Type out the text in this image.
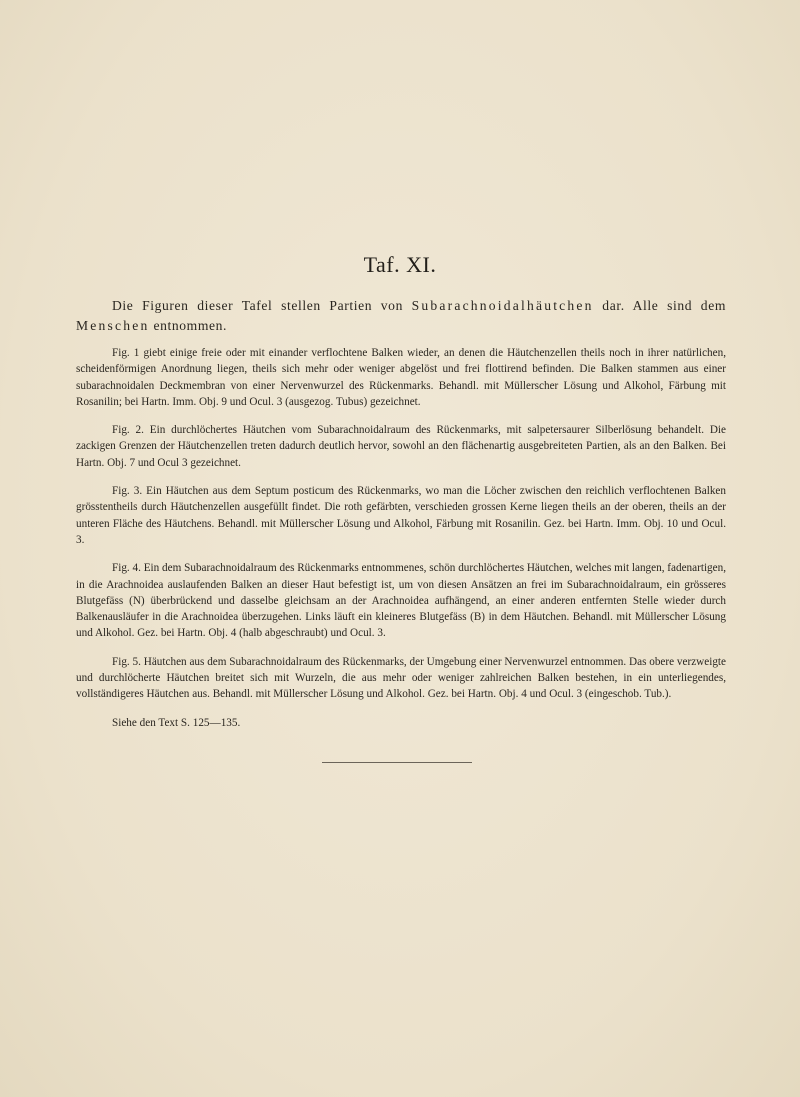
Taf. XI.

Die Figuren dieser Tafel stellen Partien von Subarachnoidalhäutchen dar. Alle sind dem Menschen entnommen.

Fig. 1 giebt einige freie oder mit einander verflochtene Balken wieder, an denen die Häutchenzellen theils noch in ihrer natürlichen, scheidenförmigen Anordnung liegen, theils sich mehr oder weniger abgelöst und frei flottirend befinden. Die Balken stammen aus einer subarachnoidalen Deckmembran von einer Nervenwurzel des Rückenmarks. Behandl. mit Müllerscher Lösung und Alkohol, Färbung mit Rosanilin; bei Hartn. Imm. Obj. 9 und Ocul. 3 (ausgezog. Tubus) gezeichnet.

Fig. 2. Ein durchlöchertes Häutchen vom Subarachnoidalraum des Rückenmarks, mit salpetersaurer Silberlösung behandelt. Die zackigen Grenzen der Häutchenzellen treten dadurch deutlich hervor, sowohl an den flächenartig ausgebreiteten Partien, als an den Balken. Bei Hartn. Obj. 7 und Ocul 3 gezeichnet.

Fig. 3. Ein Häutchen aus dem Septum posticum des Rückenmarks, wo man die Löcher zwischen den reichlich verflochtenen Balken grösstentheils durch Häutchenzellen ausgefüllt findet. Die roth gefärbten, verschieden grossen Kerne liegen theils an der oberen, theils an der unteren Fläche des Häutchens. Behandl. mit Müllerscher Lösung und Alkohol, Färbung mit Rosanilin. Gez. bei Hartn. Imm. Obj. 10 und Ocul. 3.

Fig. 4. Ein dem Subarachnoidalraum des Rückenmarks entnommenes, schön durchlöchertes Häutchen, welches mit langen, fadenartigen, in die Arachnoidea auslaufenden Balken an dieser Haut befestigt ist, um von diesen Ansätzen an frei im Subarachnoidalraum, ein grösseres Blutgefäss (N) überbrückend und dasselbe gleichsam an der Arachnoidea aufhängend, an einer anderen entfernten Stelle wieder durch Balkenausläufer in die Arachnoidea überzugehen. Links läuft ein kleineres Blutgefäss (B) in dem Häutchen. Behandl. mit Müllerscher Lösung und Alkohol. Gez. bei Hartn. Obj. 4 (halb abgeschraubt) und Ocul. 3.

Fig. 5. Häutchen aus dem Subarachnoidalraum des Rückenmarks, der Umgebung einer Nervenwurzel entnommen. Das obere verzweigte und durchlöcherte Häutchen breitet sich mit Wurzeln, die aus mehr oder weniger zahlreichen Balken bestehen, in ein unterliegendes, vollständigeres Häutchen aus. Behandl. mit Müllerscher Lösung und Alkohol. Gez. bei Hartn. Obj. 4 und Ocul. 3 (eingeschob. Tub.).

Siehe den Text S. 125—135.
